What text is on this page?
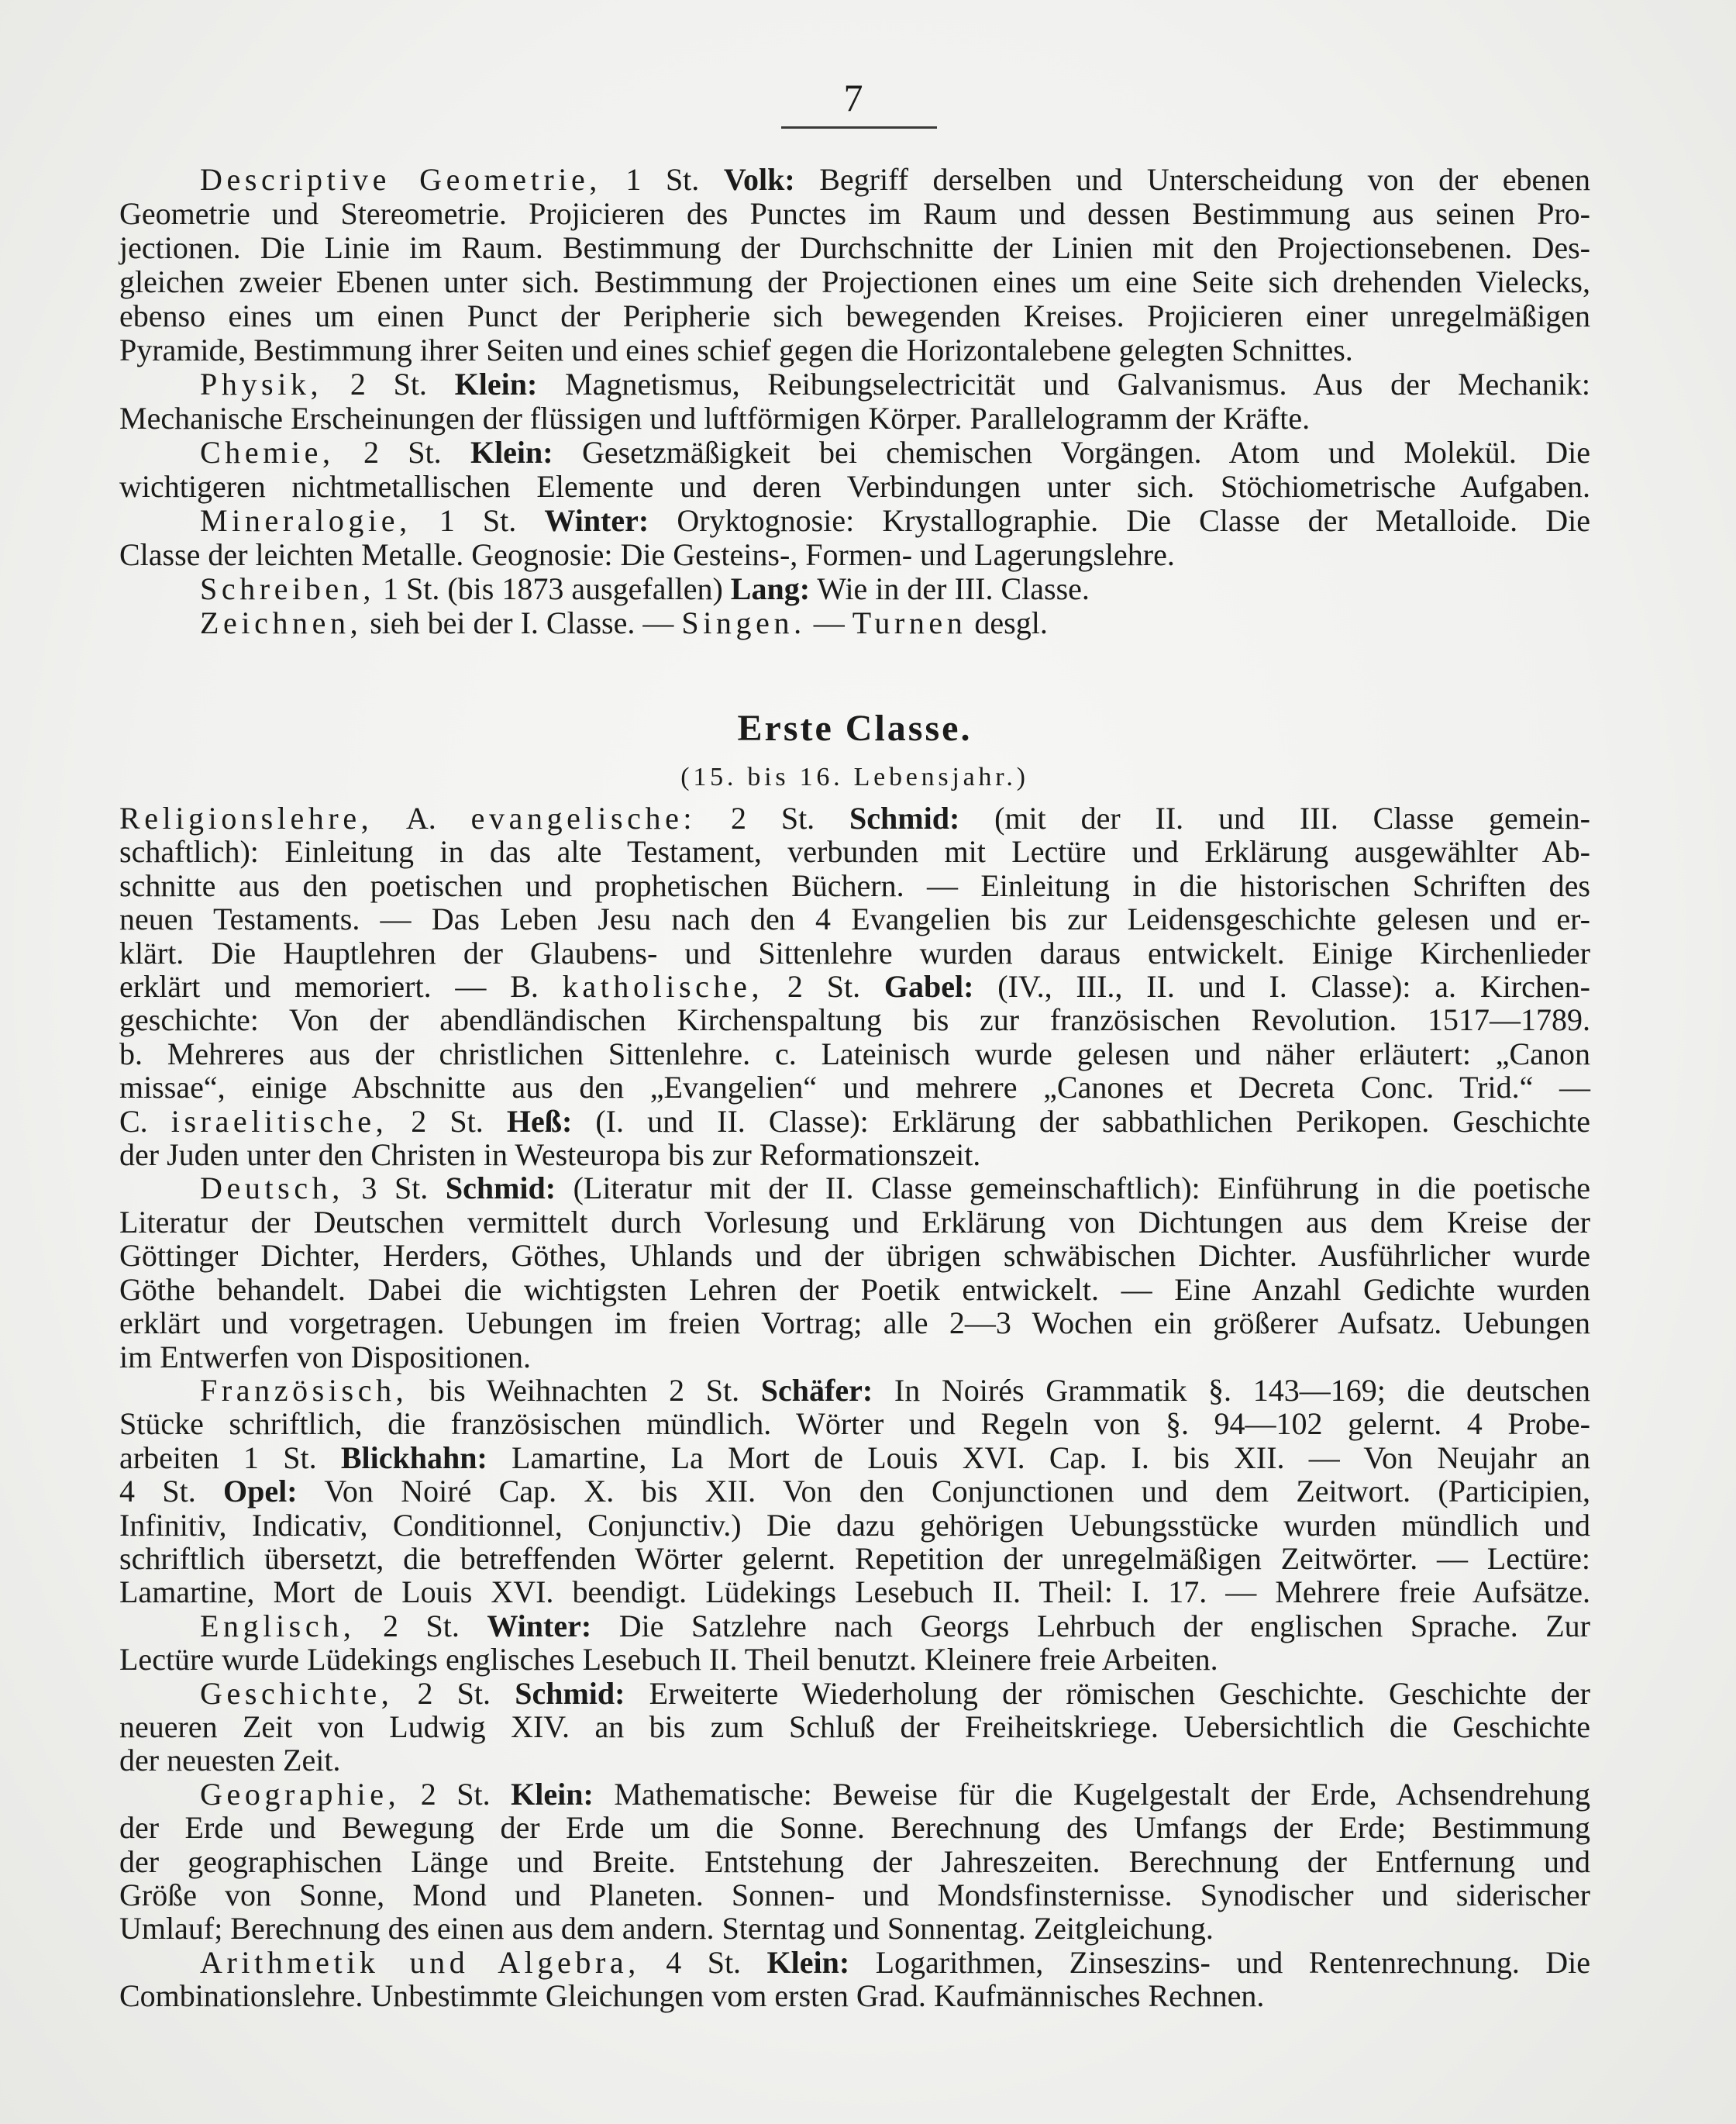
7
Descriptive Geometrie, 1 St. Volk: Begriff derselben und Unterscheidung von der ebenen
Geometrie und Stereometrie. Projicieren des Punctes im Raum und dessen Bestimmung aus seinen Pro-
jectionen. Die Linie im Raum. Bestimmung der Durchschnitte der Linien mit den Projectionsebenen. Des-
gleichen zweier Ebenen unter sich. Bestimmung der Projectionen eines um eine Seite sich drehenden Vielecks,
ebenso eines um einen Punct der Peripherie sich bewegenden Kreises. Projicieren einer unregelmäßigen
Pyramide, Bestimmung ihrer Seiten und eines schief gegen die Horizontalebene gelegten Schnittes.
Physik, 2 St. Klein: Magnetismus, Reibungselectricität und Galvanismus. Aus der Mechanik:
Mechanische Erscheinungen der flüssigen und luftförmigen Körper. Parallelogramm der Kräfte.
Chemie, 2 St. Klein: Gesetzmäßigkeit bei chemischen Vorgängen. Atom und Molekül. Die
wichtigeren nichtmetallischen Elemente und deren Verbindungen unter sich. Stöchiometrische Aufgaben.
Mineralogie, 1 St. Winter: Oryktognosie: Krystallographie. Die Classe der Metalloide. Die
Classe der leichten Metalle. Geognosie: Die Gesteins-, Formen- und Lagerungslehre.
Schreiben, 1 St. (bis 1873 ausgefallen) Lang: Wie in der III. Classe.
Zeichnen, sieh bei der I. Classe. — Singen. — Turnen desgl.
Erste Classe.
(15. bis 16. Lebensjahr.)
Religionslehre, A. evangelische: 2 St. Schmid: (mit der II. und III. Classe gemein-
schaftlich): Einleitung in das alte Testament, verbunden mit Lectüre und Erklärung ausgewählter Ab-
schnitte aus den poetischen und prophetischen Büchern. — Einleitung in die historischen Schriften des
neuen Testaments. — Das Leben Jesu nach den 4 Evangelien bis zur Leidensgeschichte gelesen und er-
klärt. Die Hauptlehren der Glaubens- und Sittenlehre wurden daraus entwickelt. Einige Kirchenlieder
erklärt und memoriert. — B. katholische, 2 St. Gabel: (IV., III., II. und I. Classe): a. Kirchen-
geschichte: Von der abendländischen Kirchenspaltung bis zur französischen Revolution. 1517—1789.
b. Mehreres aus der christlichen Sittenlehre. c. Lateinisch wurde gelesen und näher erläutert: „Canon
missae“, einige Abschnitte aus den „Evangelien“ und mehrere „Canones et Decreta Conc. Trid.“ —
C. israelitische, 2 St. Heß: (I. und II. Classe): Erklärung der sabbathlichen Perikopen. Geschichte
der Juden unter den Christen in Westeuropa bis zur Reformationszeit.
Deutsch, 3 St. Schmid: (Literatur mit der II. Classe gemeinschaftlich): Einführung in die poetische
Literatur der Deutschen vermittelt durch Vorlesung und Erklärung von Dichtungen aus dem Kreise der
Göttinger Dichter, Herders, Göthes, Uhlands und der übrigen schwäbischen Dichter. Ausführlicher wurde
Göthe behandelt. Dabei die wichtigsten Lehren der Poetik entwickelt. — Eine Anzahl Gedichte wurden
erklärt und vorgetragen. Uebungen im freien Vortrag; alle 2—3 Wochen ein größerer Aufsatz. Uebungen
im Entwerfen von Dispositionen.
Französisch, bis Weihnachten 2 St. Schäfer: In Noirés Grammatik §. 143—169; die deutschen
Stücke schriftlich, die französischen mündlich. Wörter und Regeln von §. 94—102 gelernt. 4 Probe-
arbeiten 1 St. Blickhahn: Lamartine, La Mort de Louis XVI. Cap. I. bis XII. — Von Neujahr an
4 St. Opel: Von Noiré Cap. X. bis XII. Von den Conjunctionen und dem Zeitwort. (Participien,
Infinitiv, Indicativ, Conditionnel, Conjunctiv.) Die dazu gehörigen Uebungsstücke wurden mündlich und
schriftlich übersetzt, die betreffenden Wörter gelernt. Repetition der unregelmäßigen Zeitwörter. — Lectüre:
Lamartine, Mort de Louis XVI. beendigt. Lüdekings Lesebuch II. Theil: I. 17. — Mehrere freie Aufsätze.
Englisch, 2 St. Winter: Die Satzlehre nach Georgs Lehrbuch der englischen Sprache. Zur
Lectüre wurde Lüdekings englisches Lesebuch II. Theil benutzt. Kleinere freie Arbeiten.
Geschichte, 2 St. Schmid: Erweiterte Wiederholung der römischen Geschichte. Geschichte der
neueren Zeit von Ludwig XIV. an bis zum Schluß der Freiheitskriege. Uebersichtlich die Geschichte
der neuesten Zeit.
Geographie, 2 St. Klein: Mathematische: Beweise für die Kugelgestalt der Erde, Achsendrehung
der Erde und Bewegung der Erde um die Sonne. Berechnung des Umfangs der Erde; Bestimmung
der geographischen Länge und Breite. Entstehung der Jahreszeiten. Berechnung der Entfernung und
Größe von Sonne, Mond und Planeten. Sonnen- und Mondsfinsternisse. Synodischer und siderischer
Umlauf; Berechnung des einen aus dem andern. Sterntag und Sonnentag. Zeitgleichung.
Arithmetik und Algebra, 4 St. Klein: Logarithmen, Zinseszins- und Rentenrechnung. Die
Combinationslehre. Unbestimmte Gleichungen vom ersten Grad. Kaufmännisches Rechnen.
